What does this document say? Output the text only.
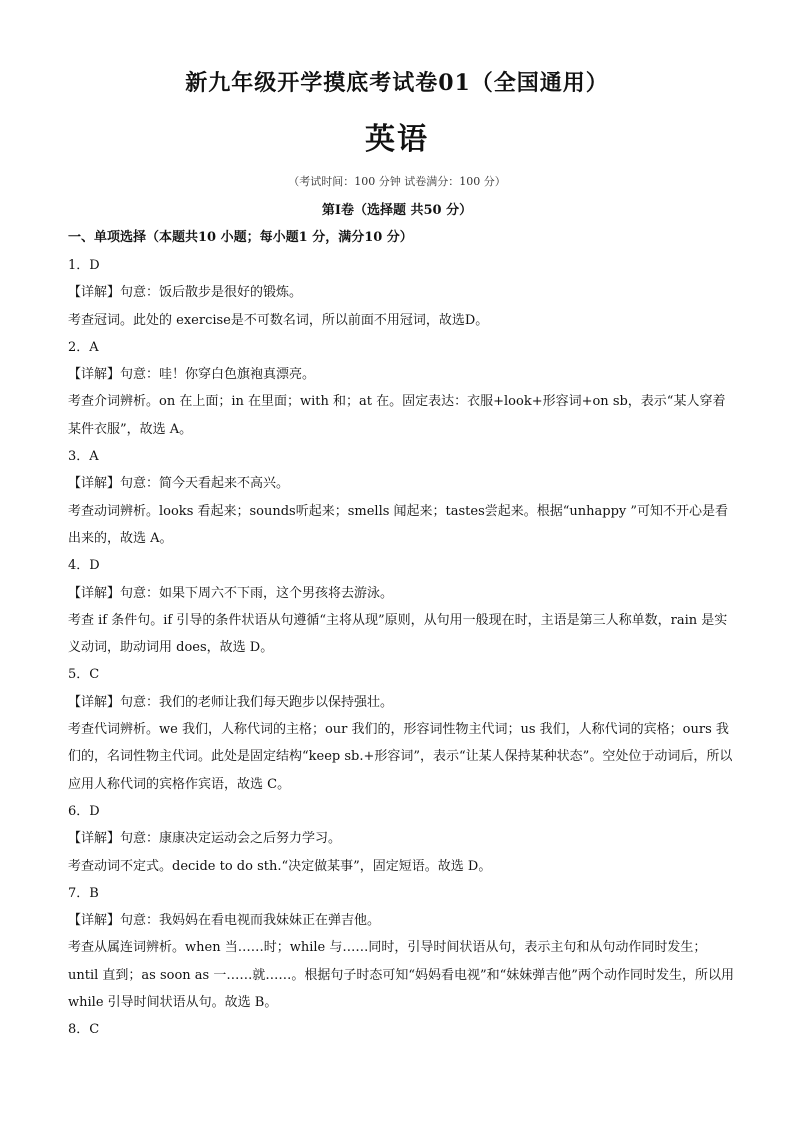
新九年级开学摸底考试卷01（全国通用）
英语
（考试时间：100 分钟 试卷满分：100 分）
第Ⅰ卷（选择题 共50 分）
一、单项选择（本题共10 小题；每小题1 分，满分10 分）
1．D
【详解】句意：饭后散步是很好的锻炼。
考查冠词。此处的 exercise是不可数名词，所以前面不用冠词，故选D。
2．A
【详解】句意：哇！你穿白色旗袍真漂亮。
考查介词辨析。on 在上面；in 在里面；with 和；at 在。固定表达：衣服+look+形容词+on sb，表示“某人穿着某件衣服”，故选 A。
3．A
【详解】句意：简今天看起来不高兴。
考查动词辨析。looks 看起来；sounds听起来；smells 闻起来；tastes尝起来。根据“unhappy ”可知不开心是看出来的，故选 A。
4．D
【详解】句意：如果下周六不下雨，这个男孩将去游泳。
考查 if 条件句。if 引导的条件状语从句遵循“主将从现”原则，从句用一般现在时，主语是第三人称单数，rain 是实义动词，助动词用 does，故选 D。
5．C
【详解】句意：我们的老师让我们每天跑步以保持强壮。
考查代词辨析。we 我们，人称代词的主格；our 我们的，形容词性物主代词；us 我们，人称代词的宾格；ours 我们的，名词性物主代词。此处是固定结构“keep sb.+形容词”，表示“让某人保持某种状态”。空处位于动词后，所以应用人称代词的宾格作宾语，故选 C。
6．D
【详解】句意：康康决定运动会之后努力学习。
考查动词不定式。decide to do sth.“决定做某事”，固定短语。故选 D。
7．B
【详解】句意：我妈妈在看电视而我妹妹正在弹吉他。
考查从属连词辨析。when 当……时；while 与……同时，引导时间状语从句，表示主句和从句动作同时发生；until 直到；as soon as 一……就……。根据句子时态可知“妈妈看电视”和“妹妹弹吉他”两个动作同时发生，所以用 while 引导时间状语从句。故选 B。
8．C
